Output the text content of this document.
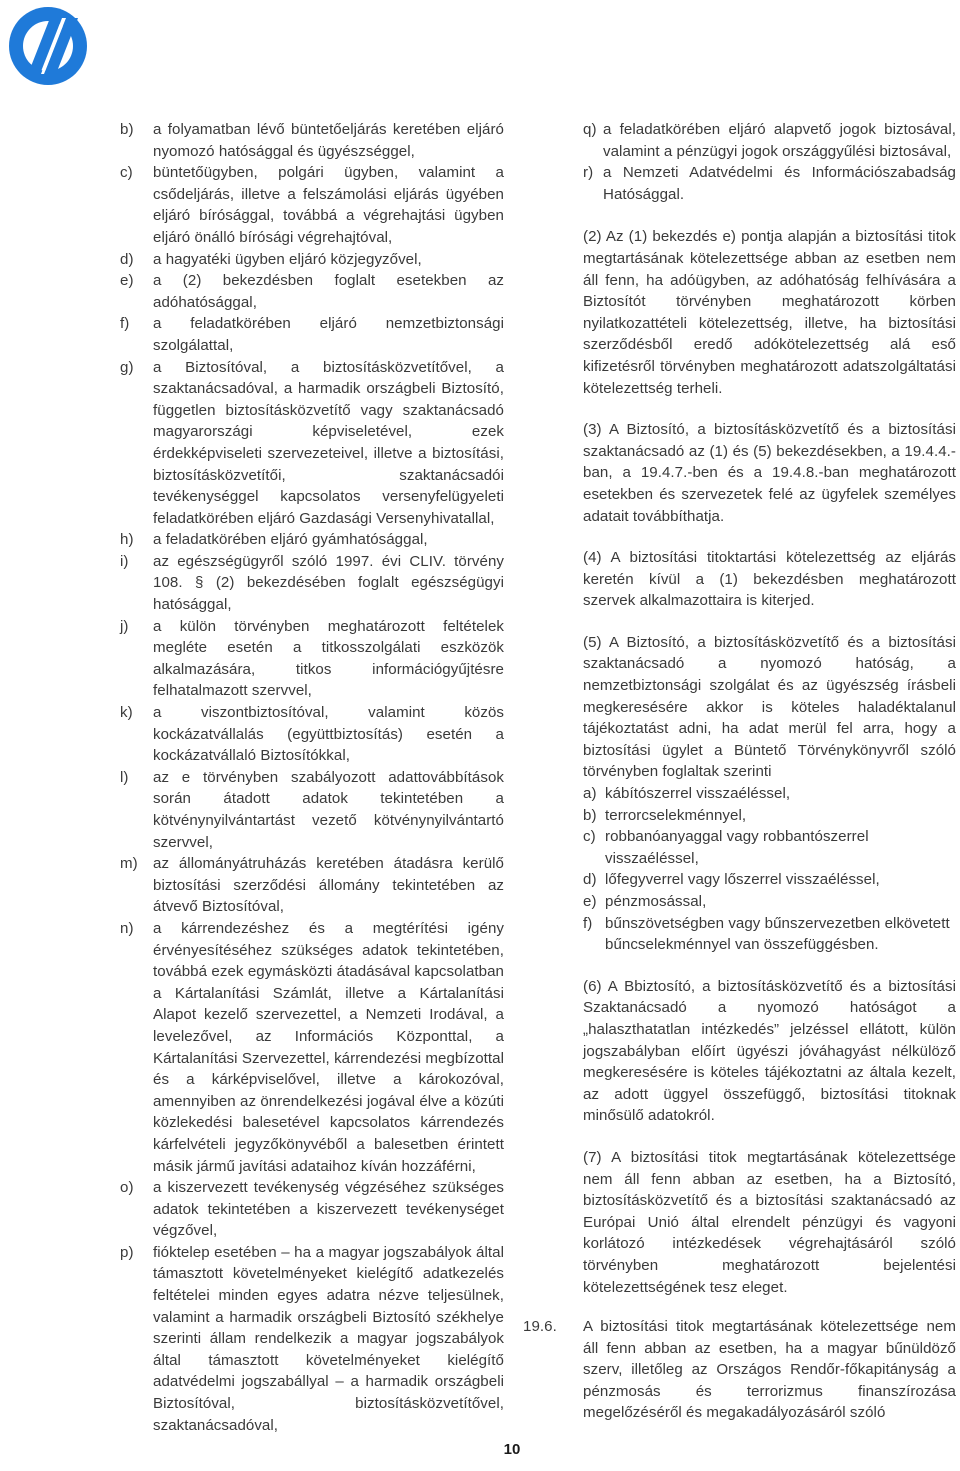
b)	a folyamatban lévő büntetőeljárás keretében eljáró nyomozó hatósággal és ügyészséggel,
c)	büntetőügyben, polgári ügyben, valamint a csődeljárás, illetve a felszámolási eljárás ügyében eljáró bírósággal, továbbá a végrehajtási ügyben eljáró önálló bírósági végrehajtóval,
d)	a hagyatéki ügyben eljáró közjegyzővel,
e)	a (2) bekezdésben foglalt esetekben az adóhatósággal,
f)	a feladatkörében eljáró nemzetbiztonsági szolgálattal,
g)	a Biztosítóval, a biztosításközvetítővel, a szaktanácsadóval, a harmadik országbeli Biztosító, független biztosításközvetítő vagy szaktanácsadó magyarországi képviseletével, ezek érdekképviseleti szervezeteivel, illetve a biztosítási, biztosításközvetítői, szaktanácsadói tevékenységgel kapcsolatos versenyfelügyeleti feladatkörében eljáró Gazdasági Versenyhivatallal,
h)	a feladatkörében eljáró gyámhatósággal,
i)	az egészségügyről szóló 1997. évi CLIV. törvény 108. § (2) bekezdésében foglalt egészségügyi hatósággal,
j)	a külön törvényben meghatározott feltételek megléte esetén a titkosszolgálati eszközök alkalmazására, titkos információgyűjtésre felhatalmazott szervvel,
k)	a viszontbiztosítóval, valamint közös kockázatvállalás (együttbiztosítás) esetén a kockázatvállaló Biztosítókkal,
l)	az e törvényben szabályozott adattovábbítások során átadott adatok tekintetében a kötvénynyilvántartást vezető kötvénynyilvántartó szervvel,
m)	az állományátruházás keretében átadásra kerülő biztosítási szerződési állomány tekintetében az átvevő Biztosítóval,
n)	a kárrendezéshez és a megtérítési igény érvényesítéséhez szükséges adatok tekintetében, továbbá ezek egymásközti átadásával kapcsolatban a Kártalanítási Számlát, illetve a Kártalanítási Alapot kezelő szervezettel, a Nemzeti Irodával, a levelezővel, az Információs Központtal, a Kártalanítási Szervezettel, kárrendezési megbízottal és a kárképviselővel, illetve a károkozóval, amennyiben az önrendelkezési jogával élve a közúti közlekedési balesetével kapcsolatos kárrendezés kárfelvételi jegyzőkönyvéből a balesetben érintett másik jármű javítási adataihoz kíván hozzáférni,
o)	a kiszervezett tevékenység végzéséhez szükséges adatok tekintetében a kiszervezett tevékenységet végzővel,
p)	fióktelep esetében – ha a magyar jogszabályok által támasztott követelményeket kielégítő adatkezelés feltételei minden egyes adatra nézve teljesülnek, valamint a harmadik országbeli Biztosító székhelye szerinti állam rendelkezik a magyar jogszabályok által támasztott követelményeket kielégítő adatvédelmi jogszabállyal – a harmadik országbeli Biztosítóval, biztosításközvetítővel, szaktanácsadóval,
q) a feladatkörében eljáró alapvető jogok biztosával, valamint a pénzügyi jogok országgyűlési biztosával,
r) a Nemzeti Adatvédelmi és Információszabadság Hatósággal.
(2) Az (1) bekezdés e) pontja alapján a biztosítási titok megtartásának kötelezettsége abban az esetben nem áll fenn, ha adóügyben, az adóhatóság felhívására a Biztosítót törvényben meghatározott körben nyilatkozattételi kötelezettség, illetve, ha biztosítási szerződésből eredő adókötelezettség alá eső kifizetésről törvényben meghatározott adatszolgáltatási kötelezettség terheli.
(3) A Biztosító, a biztosításközvetítő és a biztosítási szaktanácsadó az (1) és (5) bekezdésekben, a 19.4.4.-ban, a 19.4.7.-ben és a 19.4.8.-ban meghatározott esetekben és szervezetek felé az ügyfelek személyes adatait továbbíthatja.
(4) A biztosítási titoktartási kötelezettség az eljárás keretén kívül a (1) bekezdésben meghatározott szervek alkalmazottaira is kiterjed.
(5) A Biztosító, a biztosításközvetítő és a biztosítási szaktanácsadó a nyomozó hatóság, a nemzetbiztonsági szolgálat és az ügyészség írásbeli megkeresésére akkor is köteles haladéktalanul tájékoztatást adni, ha adat merül fel arra, hogy a biztosítási ügylet a Büntető Törvénykönyvről szóló törvényben foglaltak szerinti
a) kábítószerrel visszaéléssel,
b) terrorcselekménnyel,
c) robbanóanyaggal vagy robbantószerrel visszaéléssel,
d) lőfegyverrel vagy lőszerrel visszaéléssel,
e) pénzmosással,
f) bűnszövetségben vagy bűnszervezetben elkövetett bűncselekménnyel van összefüggésben.
(6) A Bbiztosító, a biztosításközvetítő és a biztosítási Szaktanácsadó a nyomozó hatóságot a „halaszthatatlan intézkedés” jelzéssel ellátott, külön jogszabályban előírt ügyészi jóváhagyást nélkülöző megkeresésére is köteles tájékoztatni az általa kezelt, az adott üggyel összefüggő, biztosítási titoknak minősülő adatokról.
(7) A biztosítási titok megtartásának kötelezettsége nem áll fenn abban az esetben, ha a Biztosító, biztosításközvetítő és a biztosítási szaktanácsadó az Európai Unió által elrendelt pénzügyi és vagyoni korlátozó intézkedések végrehajtásáról szóló törvényben meghatározott bejelentési kötelezettségének tesz eleget.
19.6.	A biztosítási titok megtartásának kötelezettsége nem áll fenn abban az esetben, ha a magyar bűnüldöző szerv, illetőleg az Országos Rendőr-főkapitányság a pénzmosás és terrorizmus finanszírozása megelőzéséről és megakadályozásáról szóló
10
